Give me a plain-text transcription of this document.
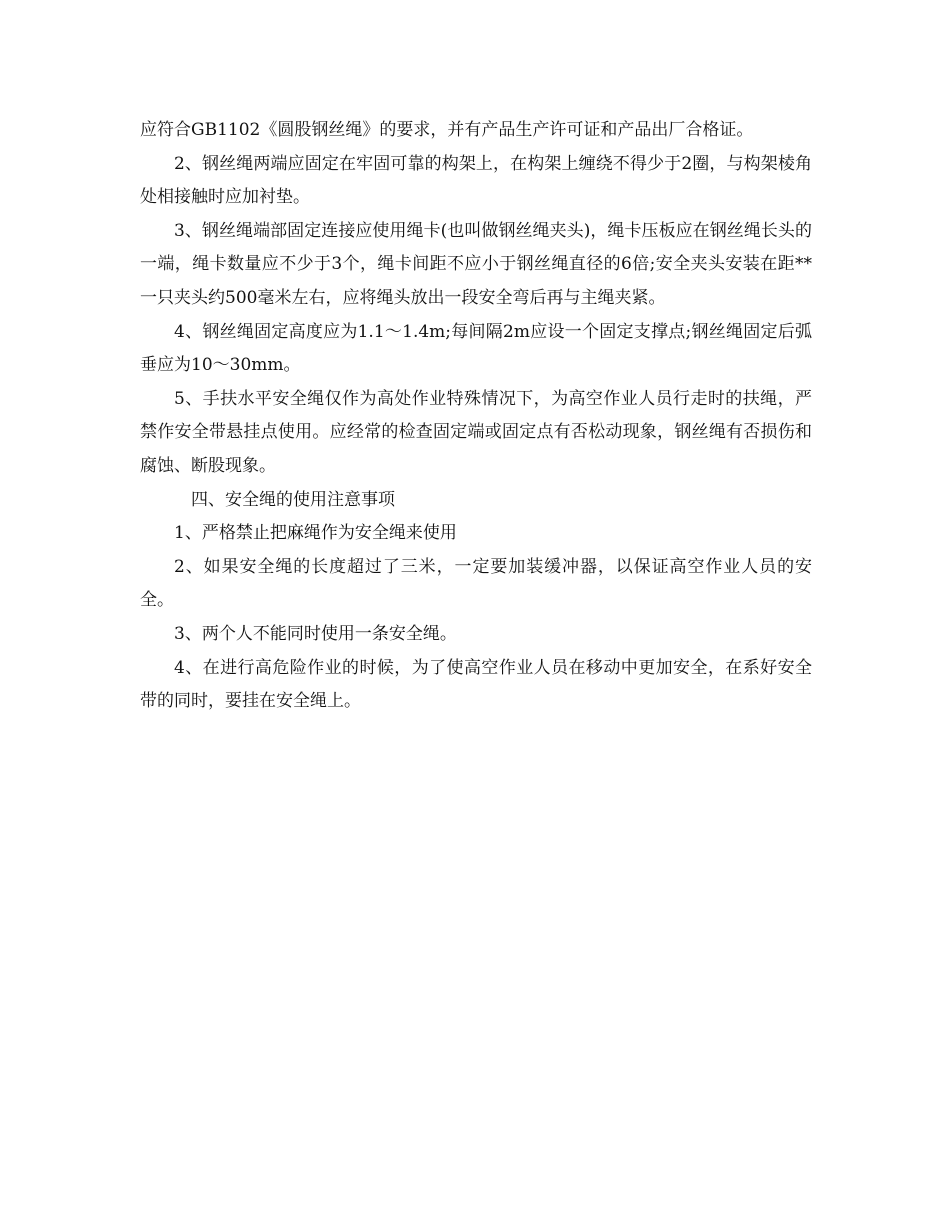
应符合GB1102《圆股钢丝绳》的要求，并有产品生产许可证和产品出厂合格证。

2、钢丝绳两端应固定在牢固可靠的构架上，在构架上缠绕不得少于2圈，与构架棱角处相接触时应加衬垫。

3、钢丝绳端部固定连接应使用绳卡(也叫做钢丝绳夹头)，绳卡压板应在钢丝绳长头的一端，绳卡数量应不少于3个，绳卡间距不应小于钢丝绳直径的6倍;安全夹头安装在距**一只夹头约500毫米左右，应将绳头放出一段安全弯后再与主绳夹紧。

4、钢丝绳固定高度应为1.1～1.4m;每间隔2m应设一个固定支撑点;钢丝绳固定后弧垂应为10～30mm。

5、手扶水平安全绳仅作为高处作业特殊情况下，为高空作业人员行走时的扶绳，严禁作安全带悬挂点使用。应经常的检查固定端或固定点有否松动现象，钢丝绳有否损伤和腐蚀、断股现象。

四、安全绳的使用注意事项

1、严格禁止把麻绳作为安全绳来使用

2、如果安全绳的长度超过了三米，一定要加装缓冲器，以保证高空作业人员的安全。

3、两个人不能同时使用一条安全绳。

4、在进行高危险作业的时候，为了使高空作业人员在移动中更加安全，在系好安全带的同时，要挂在安全绳上。
